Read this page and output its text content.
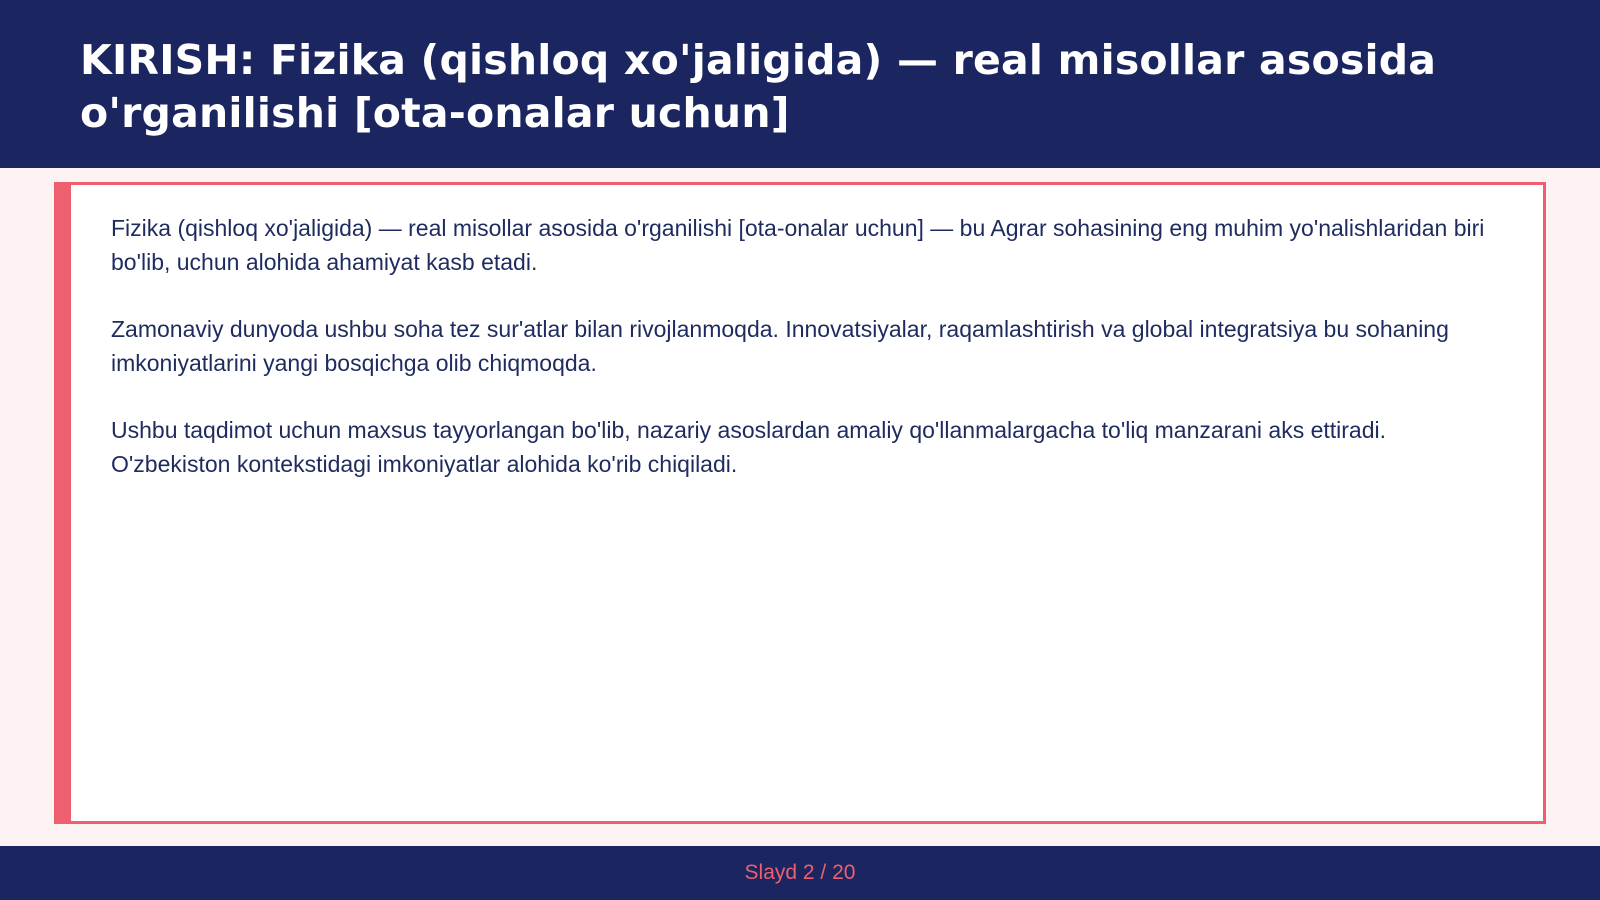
KIRISH: Fizika (qishloq xo'jaligida) — real misollar asosida o'rganilishi [ota-onalar uchun]

Fizika (qishloq xo'jaligida) — real misollar asosida o'rganilishi [ota-onalar uchun] — bu Agrar sohasining eng muhim yo'nalishlaridan biri bo'lib, uchun alohida ahamiyat kasb etadi.

Zamonaviy dunyoda ushbu soha tez sur'atlar bilan rivojlanmoqda. Innovatsiyalar, raqamlashtirish va global integratsiya bu sohaning imkoniyatlarini yangi bosqichga olib chiqmoqda.

Ushbu taqdimot uchun maxsus tayyorlangan bo'lib, nazariy asoslardan amaliy qo'llanmalargacha to'liq manzarani aks ettiradi. O'zbekiston kontekstidagi imkoniyatlar alohida ko'rib chiqiladi.

Slayd 2 / 20
